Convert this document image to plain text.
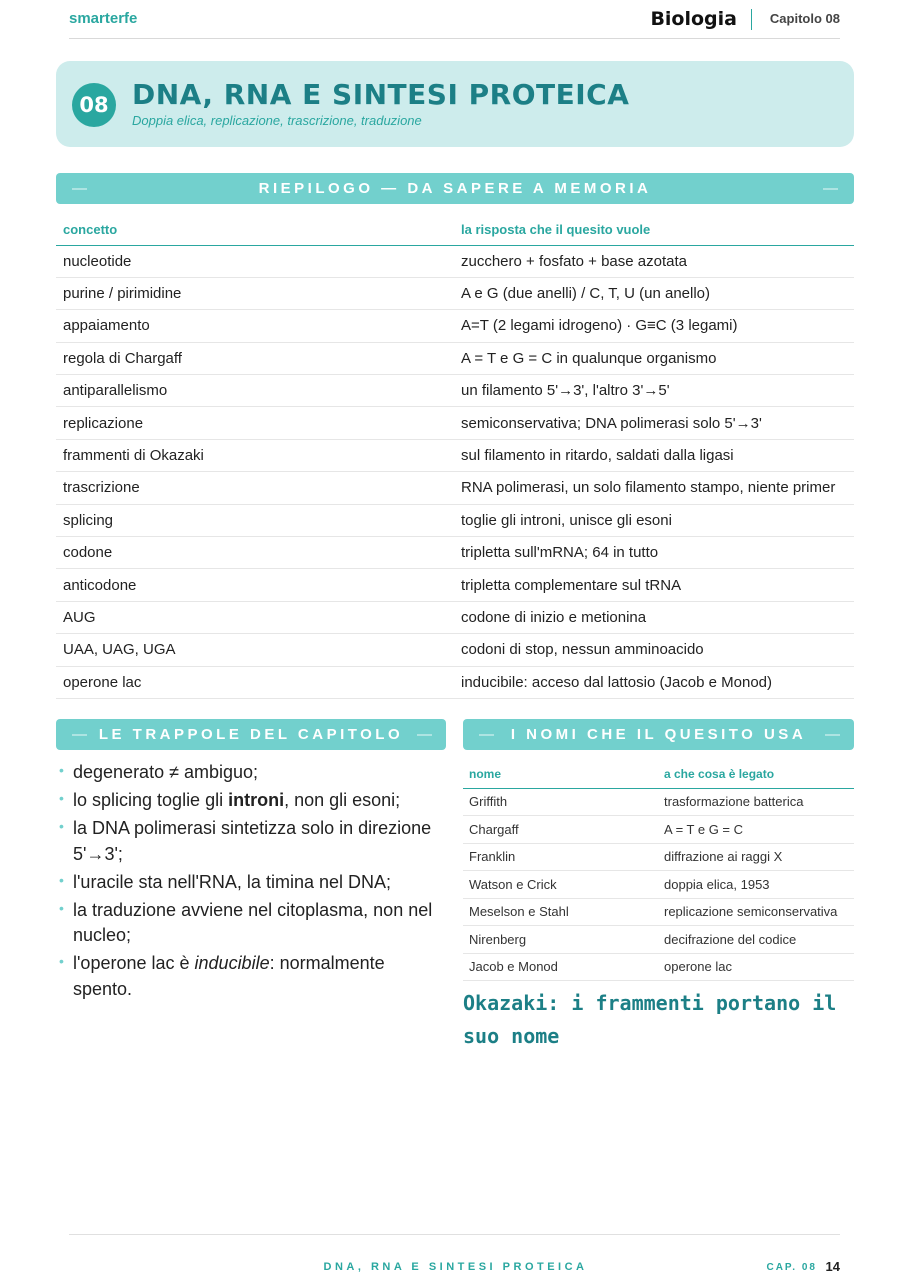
smarterfe	Biologia	Capitolo 08
08 DNA, RNA E SINTESI PROTEICA
Doppia elica, replicazione, trascrizione, traduzione
—	RIEPILOGO — DA SAPERE A MEMORIA	—
concetto	la risposta che il quesito vuole
nucleotide	zucchero + fosfato + base azotata
purine / pirimidine	A e G (due anelli) / C, T, U (un anello)
appaiamento	A=T (2 legami idrogeno) · G≡C (3 legami)
regola di Chargaff	A = T e G = C in qualunque organismo
antiparallelismo	un filamento 5'→3', l'altro 3'→5'
replicazione	semiconservativa; DNA polimerasi solo 5'→3'
frammenti di Okazaki	sul filamento in ritardo, saldati dalla ligasi
trascrizione	RNA polimerasi, un solo filamento stampo, niente primer
splicing	toglie gli introni, unisce gli esoni
codone	tripletta sull'mRNA; 64 in tutto
anticodone	tripletta complementare sul tRNA
AUG	codone di inizio e metionina
UAA, UAG, UGA	codoni di stop, nessun amminoacido
operone lac	inducibile: acceso dal lattosio (Jacob e Monod)
— LE TRAPPOLE DEL CAPITOLO —
• degenerato ≠ ambiguo;
• lo splicing toglie gli introni, non gli esoni;
• la DNA polimerasi sintetizza solo in direzione 5'→3';
• l'uracile sta nell'RNA, la timina nel DNA;
• la traduzione avviene nel citoplasma, non nel nucleo;
• l'operone lac è inducibile: normalmente spento.
— I NOMI CHE IL QUESITO USA —
nome	a che cosa è legato
Griffith	trasformazione batterica
Chargaff	A = T e G = C
Franklin	diffrazione ai raggi X
Watson e Crick	doppia elica, 1953
Meselson e Stahl	replicazione semiconservativa
Nirenberg	decifrazione del codice
Jacob e Monod	operone lac
Okazaki: i frammenti portano il suo nome
DNA, RNA E SINTESI PROTEICA	CAP. 08 14
